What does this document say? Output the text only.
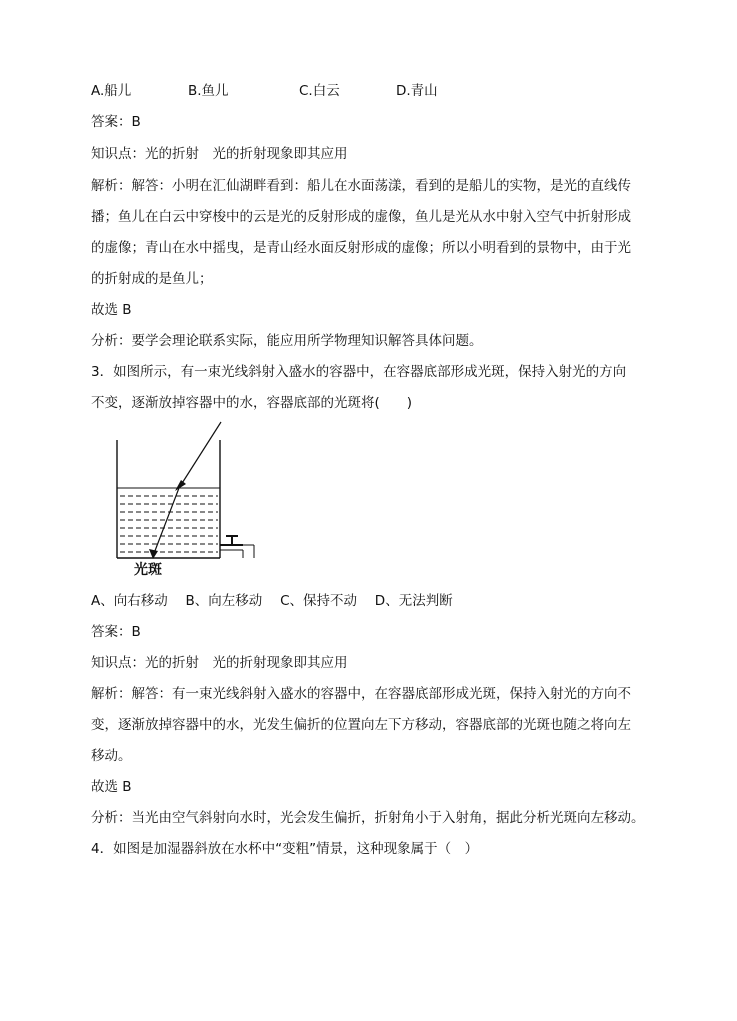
A.船儿	B.鱼儿	C.白云	D.青山
答案：B
知识点：光的折射　光的折射现象即其应用
解析：解答：小明在汇仙湖畔看到：船儿在水面荡漾，看到的是船儿的实物，是光的直线传
播；鱼儿在白云中穿梭中的云是光的反射形成的虚像，鱼儿是光从水中射入空气中折射形成
的虚像；青山在水中摇曳，是青山经水面反射形成的虚像；所以小明看到的景物中，由于光
的折射成的是鱼儿；
故选 B
分析：要学会理论联系实际，能应用所学物理知识解答具体问题。
3．如图所示，有一束光线斜射入盛水的容器中，在容器底部形成光斑，保持入射光的方向
不变，逐渐放掉容器中的水，容器底部的光斑将(　　)
光斑
A、向右移动　 B、向左移动　 C、保持不动　 D、无法判断
答案：B
知识点：光的折射　光的折射现象即其应用
解析：解答：有一束光线斜射入盛水的容器中，在容器底部形成光斑，保持入射光的方向不
变，逐渐放掉容器中的水，光发生偏折的位置向左下方移动，容器底部的光斑也随之将向左
移动。
故选 B
分析：当光由空气斜射向水时，光会发生偏折，折射角小于入射角，据此分析光斑向左移动。
4．如图是加湿器斜放在水杯中“变粗”情景，这种现象属于（　）
